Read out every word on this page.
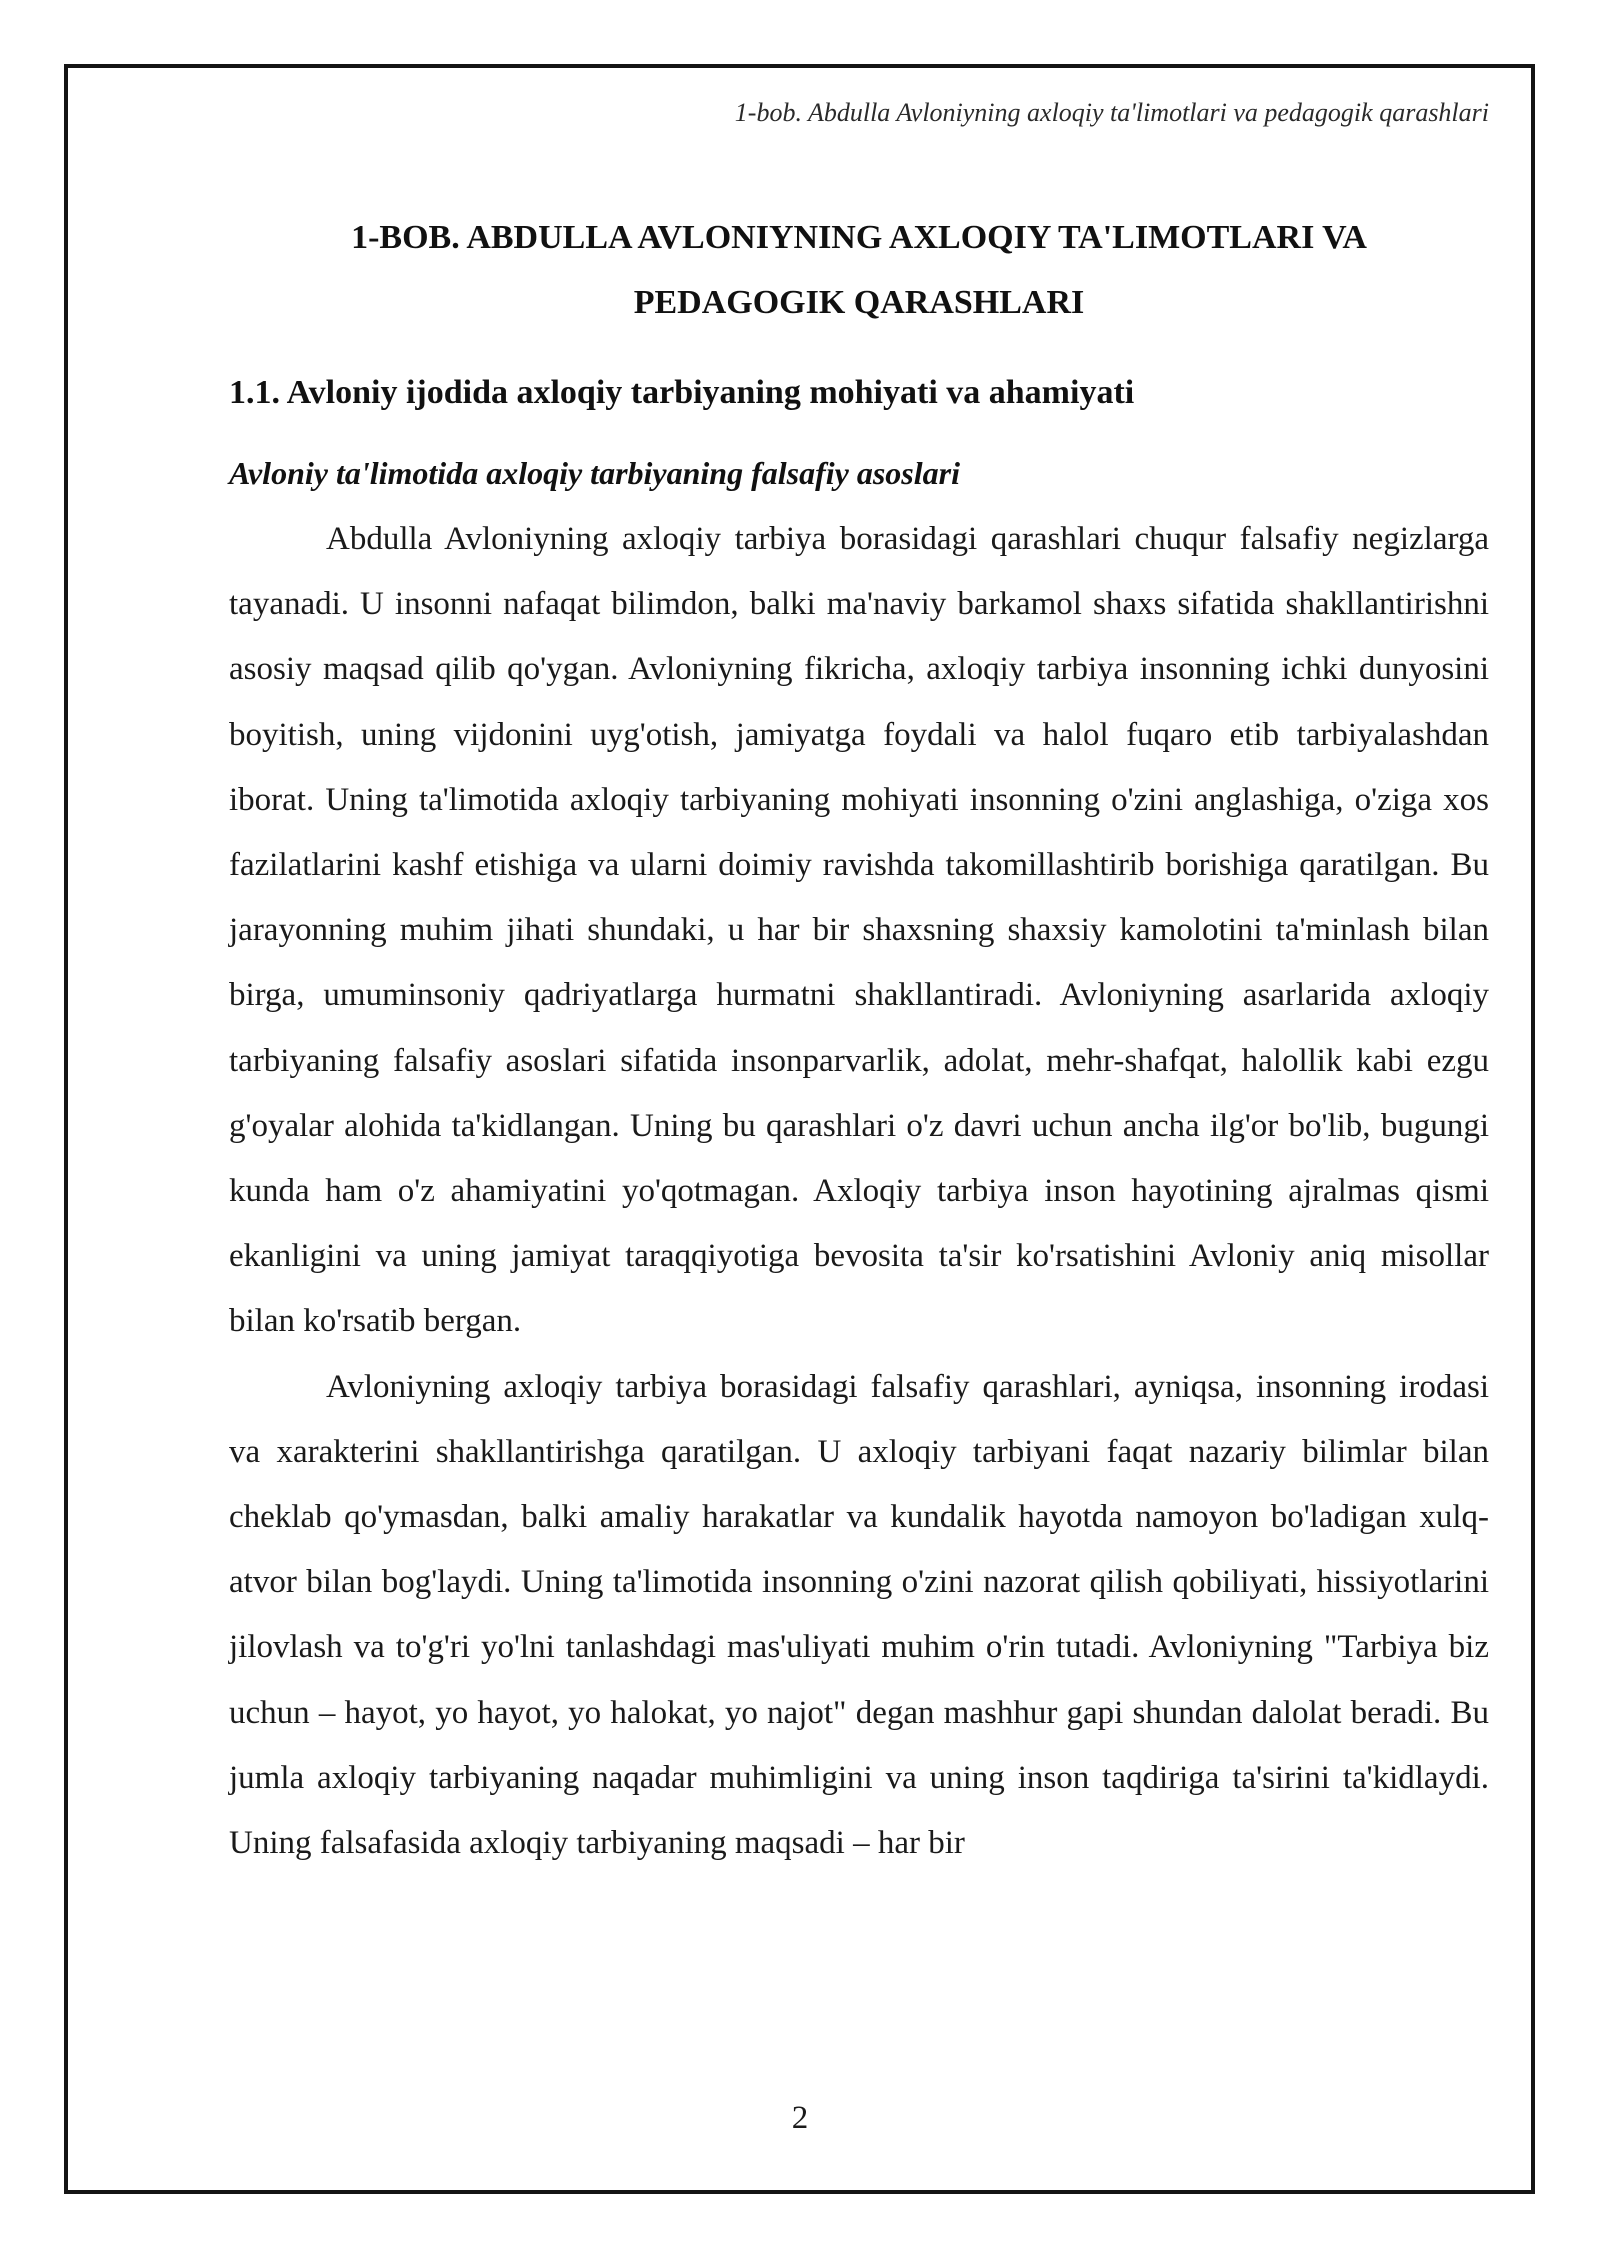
1-bob. Abdulla Avloniyning axloqiy ta'limotlari va pedagogik qarashlari
1-BOB. ABDULLA AVLONIYNING AXLOQIY TA'LIMOTLARI VA
PEDAGOGIK QARASHLARI
1.1. Avloniy ijodida axloqiy tarbiyaning mohiyati va ahamiyati
Avloniy ta'limotida axloqiy tarbiyaning falsafiy asoslari

Abdulla Avloniyning axloqiy tarbiya borasidagi qarashlari chuqur falsafiy negizlarga tayanadi. U insonni nafaqat bilimdon, balki ma'naviy barkamol shaxs sifatida shakllantirishni asosiy maqsad qilib qo'ygan. Avloniyning fikricha, axloqiy tarbiya insonning ichki dunyosini boyitish, uning vijdonini uyg'otish, jamiyatga foydali va halol fuqaro etib tarbiyalashdan iborat. Uning ta'limotida axloqiy tarbiyaning mohiyati insonning o'zini anglashiga, o'ziga xos fazilatlarini kashf etishiga va ularni doimiy ravishda takomillashtirib borishiga qaratilgan. Bu jarayonning muhim jihati shundaki, u har bir shaxsning shaxsiy kamolotini ta'minlash bilan birga, umuminsoniy qadriyatlarga hurmatni shakllantiradi. Avloniyning asarlarida axloqiy tarbiyaning falsafiy asoslari sifatida insonparvarlik, adolat, mehr-shafqat, halollik kabi ezgu g'oyalar alohida ta'kidlangan. Uning bu qarashlari o'z davri uchun ancha ilg'or bo'lib, bugungi kunda ham o'z ahamiyatini yo'qotmagan. Axloqiy tarbiya inson hayotining ajralmas qismi ekanligini va uning jamiyat taraqqiyotiga bevosita ta'sir ko'rsatishini Avloniy aniq misollar bilan ko'rsatib bergan.

Avloniyning axloqiy tarbiya borasidagi falsafiy qarashlari, ayniqsa, insonning irodasi va xarakterini shakllantirishga qaratilgan. U axloqiy tarbiyani faqat nazariy bilimlar bilan cheklab qo'ymasdan, balki amaliy harakatlar va kundalik hayotda namoyon bo'ladigan xulq-atvor bilan bog'laydi. Uning ta'limotida insonning o'zini nazorat qilish qobiliyati, hissiyotlarini jilovlash va to'g'ri yo'lni tanlashdagi mas'uliyati muhim o'rin tutadi. Avloniyning "Tarbiya biz uchun – hayot, yo hayot, yo halokat, yo najot" degan mashhur gapi shundan dalolat beradi. Bu jumla axloqiy tarbiyaning naqadar muhimligini va uning inson taqdiriga ta'sirini ta'kidlaydi. Uning falsafasida axloqiy tarbiyaning maqsadi – har bir

2
